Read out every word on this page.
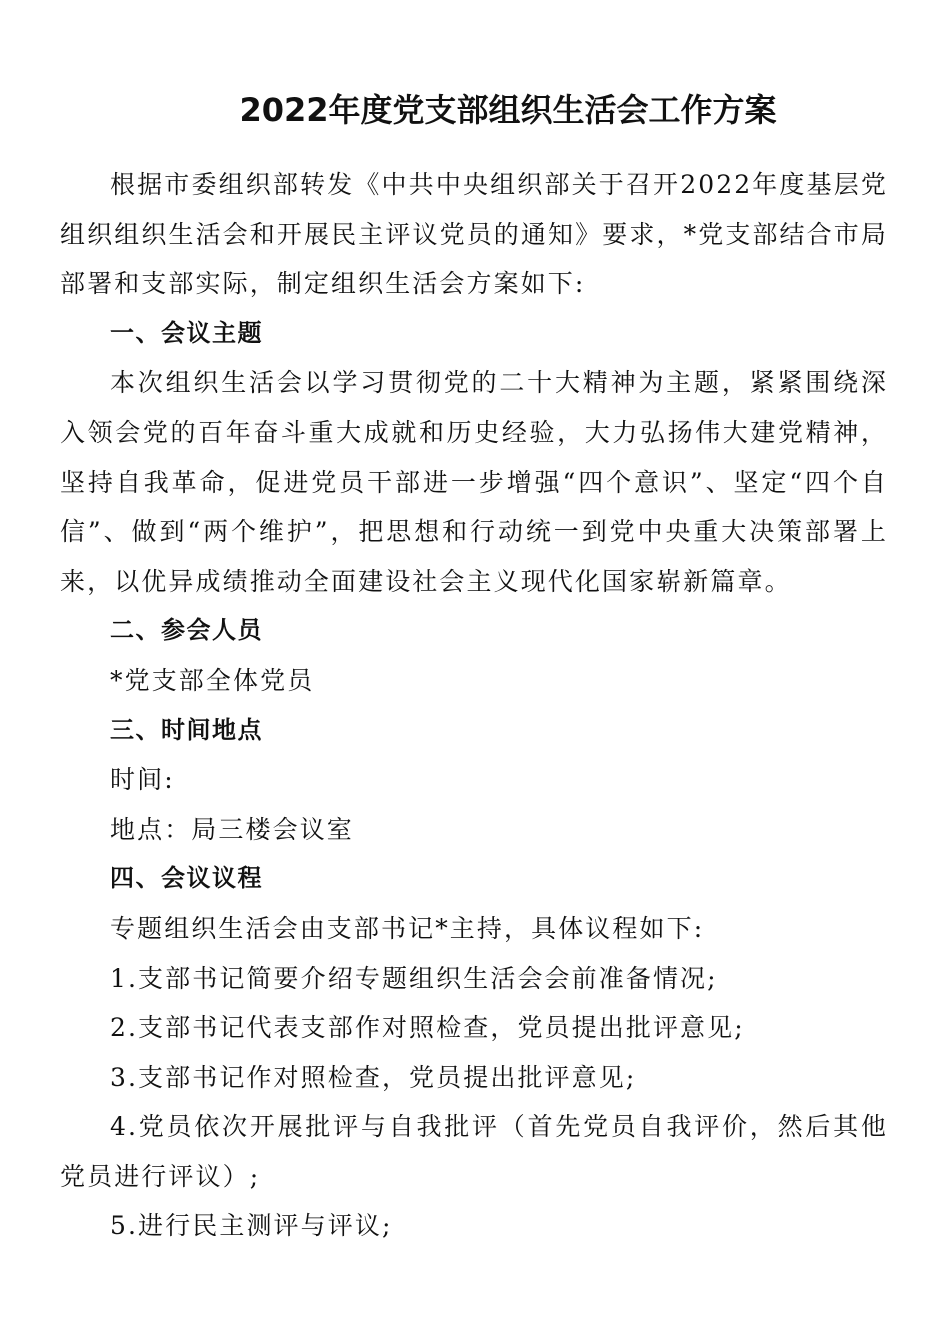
2022年度党支部组织生活会工作方案

根据市委组织部转发《中共中央组织部关于召开2022年度基层党组织组织生活会和开展民主评议党员的通知》要求，*党支部结合市局部署和支部实际，制定组织生活会方案如下:

一、会议主题

本次组织生活会以学习贯彻党的二十大精神为主题，紧紧围绕深入领会党的百年奋斗重大成就和历史经验，大力弘扬伟大建党精神，坚持自我革命，促进党员干部进一步增强“四个意识”、坚定“四个自信”、做到“两个维护”，把思想和行动统一到党中央重大决策部署上来，以优异成绩推动全面建设社会主义现代化国家崭新篇章。

二、参会人员

*党支部全体党员

三、时间地点

时间:

地点：局三楼会议室

四、会议议程

专题组织生活会由支部书记*主持，具体议程如下:

1.支部书记简要介绍专题组织生活会会前准备情况;

2.支部书记代表支部作对照检查，党员提出批评意见;

3.支部书记作对照检查，党员提出批评意见;

4.党员依次开展批评与自我批评（首先党员自我评价，然后其他党员进行评议）;

5.进行民主测评与评议;
